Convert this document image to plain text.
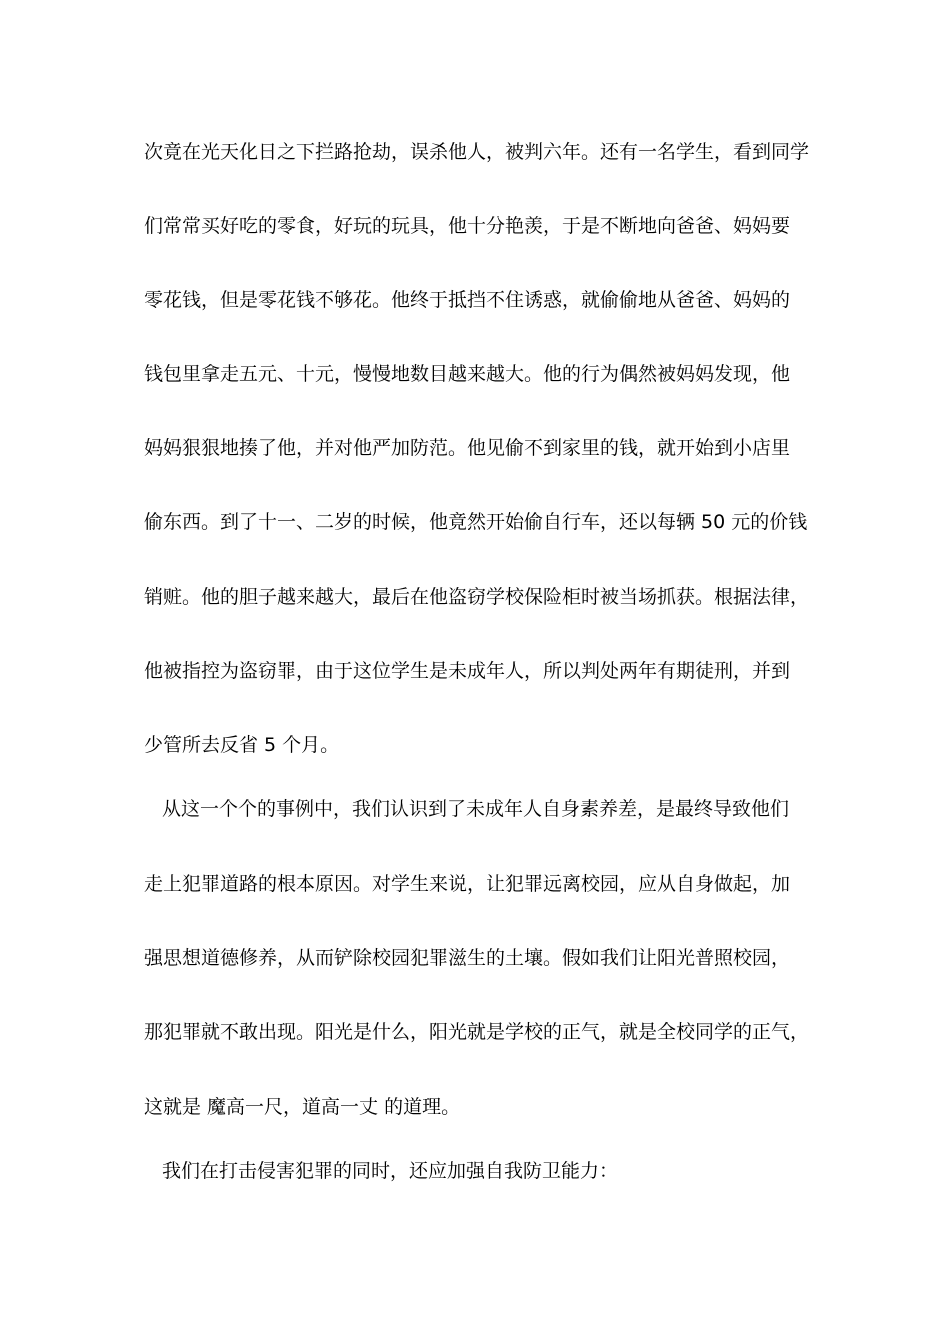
次竟在光天化日之下拦路抢劫，误杀他人，被判六年。还有一名学生，看到同学
们常常买好吃的零食，好玩的玩具，他十分艳羡，于是不断地向爸爸、妈妈要
零花钱，但是零花钱不够花。他终于抵挡不住诱惑，就偷偷地从爸爸、妈妈的
钱包里拿走五元、十元，慢慢地数目越来越大。他的行为偶然被妈妈发现，他
妈妈狠狠地揍了他，并对他严加防范。他见偷不到家里的钱，就开始到小店里
偷东西。到了十一、二岁的时候，他竟然开始偷自行车，还以每辆 50 元的价钱
销赃。他的胆子越来越大，最后在他盗窃学校保险柜时被当场抓获。根据法律，
他被指控为盗窃罪，由于这位学生是未成年人，所以判处两年有期徒刑，并到
少管所去反省 5 个月。
从这一个个的事例中，我们认识到了未成年人自身素养差，是最终导致他们
走上犯罪道路的根本原因。对学生来说，让犯罪远离校园，应从自身做起，加
强思想道德修养，从而铲除校园犯罪滋生的土壤。假如我们让阳光普照校园，
那犯罪就不敢出现。阳光是什么，阳光就是学校的正气，就是全校同学的正气，
这就是 魔高一尺，道高一丈 的道理。
我们在打击侵害犯罪的同时，还应加强自我防卫能力：
